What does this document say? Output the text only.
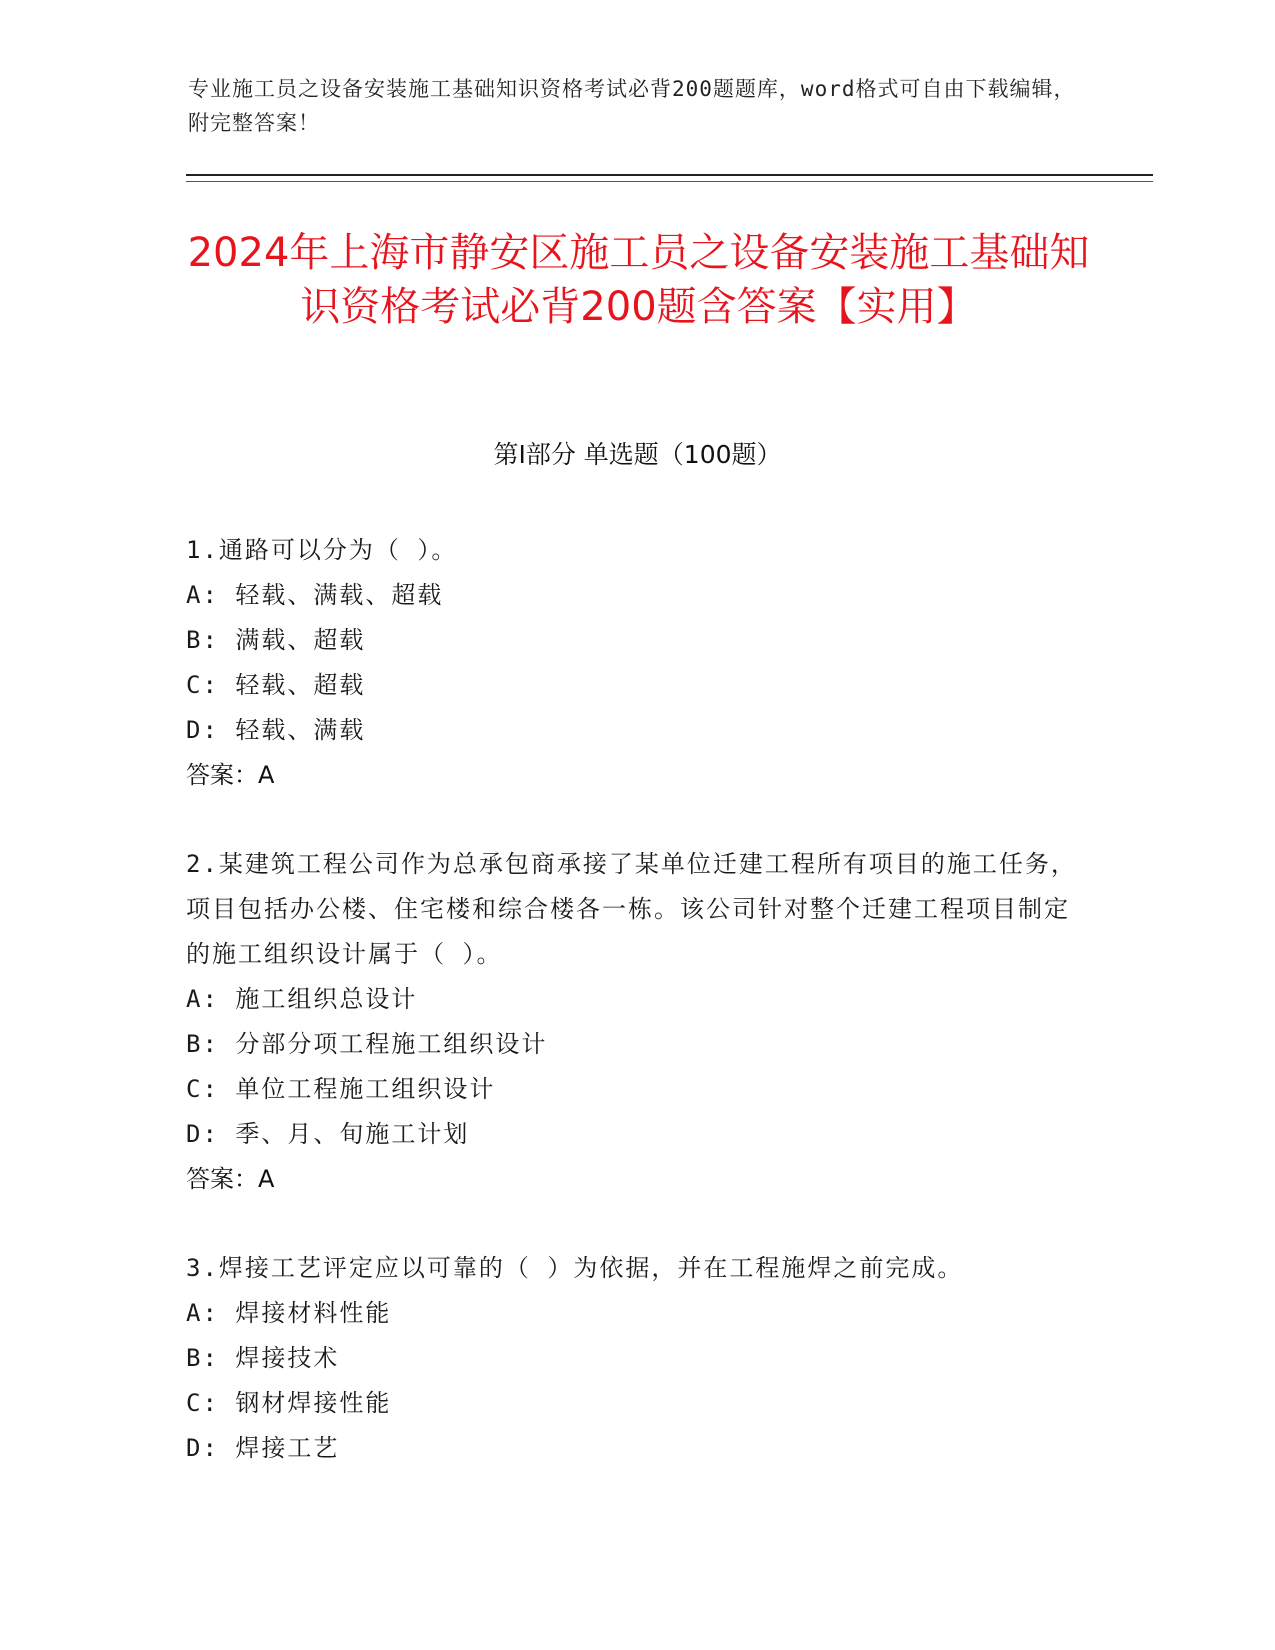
专业施工员之设备安装施工基础知识资格考试必背200题题库，word格式可自由下载编辑，附完整答案！
2024年上海市静安区施工员之设备安装施工基础知识资格考试必背200题含答案【实用】
第I部分 单选题（100题）
1.通路可以分为（ ）。
A: 轻载、满载、超载
B: 满载、超载
C: 轻载、超载
D: 轻载、满载
答案：A
2.某建筑工程公司作为总承包商承接了某单位迁建工程所有项目的施工任务，项目包括办公楼、住宅楼和综合楼各一栋。该公司针对整个迁建工程项目制定的施工组织设计属于（ ）。
A: 施工组织总设计
B: 分部分项工程施工组织设计
C: 单位工程施工组织设计
D: 季、月、旬施工计划
答案：A
3.焊接工艺评定应以可靠的（ ）为依据，并在工程施焊之前完成。
A: 焊接材料性能
B: 焊接技术
C: 钢材焊接性能
D: 焊接工艺
